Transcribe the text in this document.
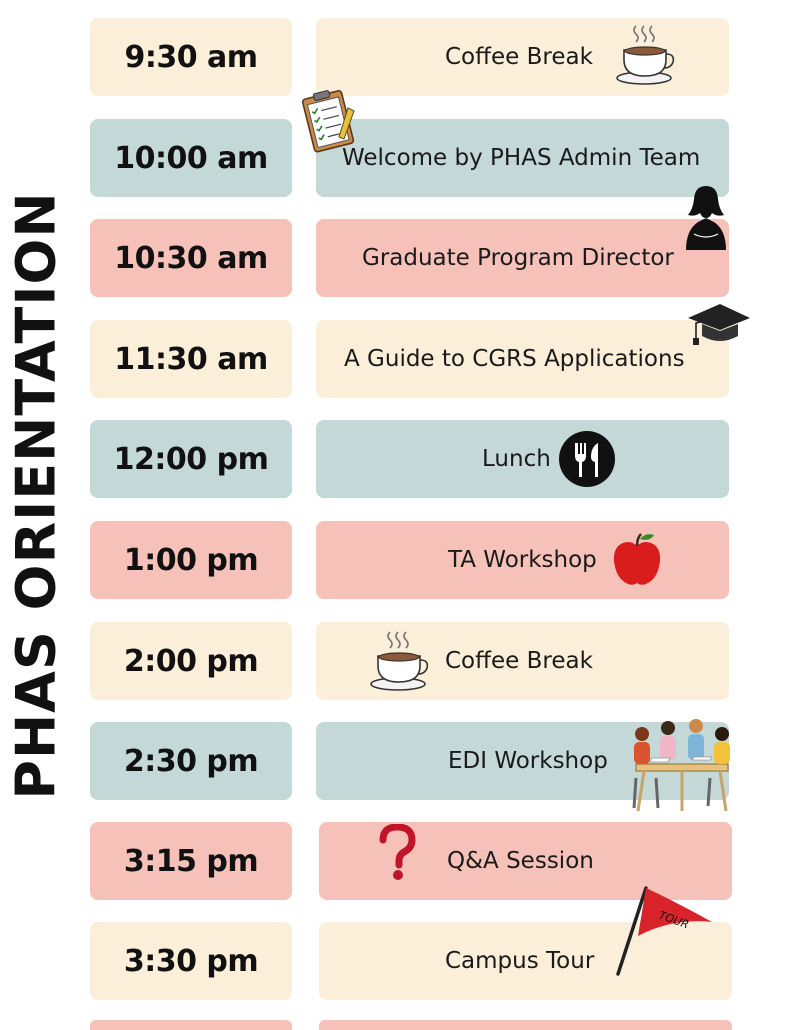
PHAS ORIENTATION
9:30 am	Coffee Break
10:00 am	Welcome by PHAS Admin Team
10:30 am	Graduate Program Director
11:30 am	A Guide to CGRS Applications
12:00 pm	Lunch
1:00 pm	TA Workshop
2:00 pm	Coffee Break
2:30 pm	EDI Workshop
3:15 pm	Q&A Session
3:30 pm	Campus Tour
TOUR
